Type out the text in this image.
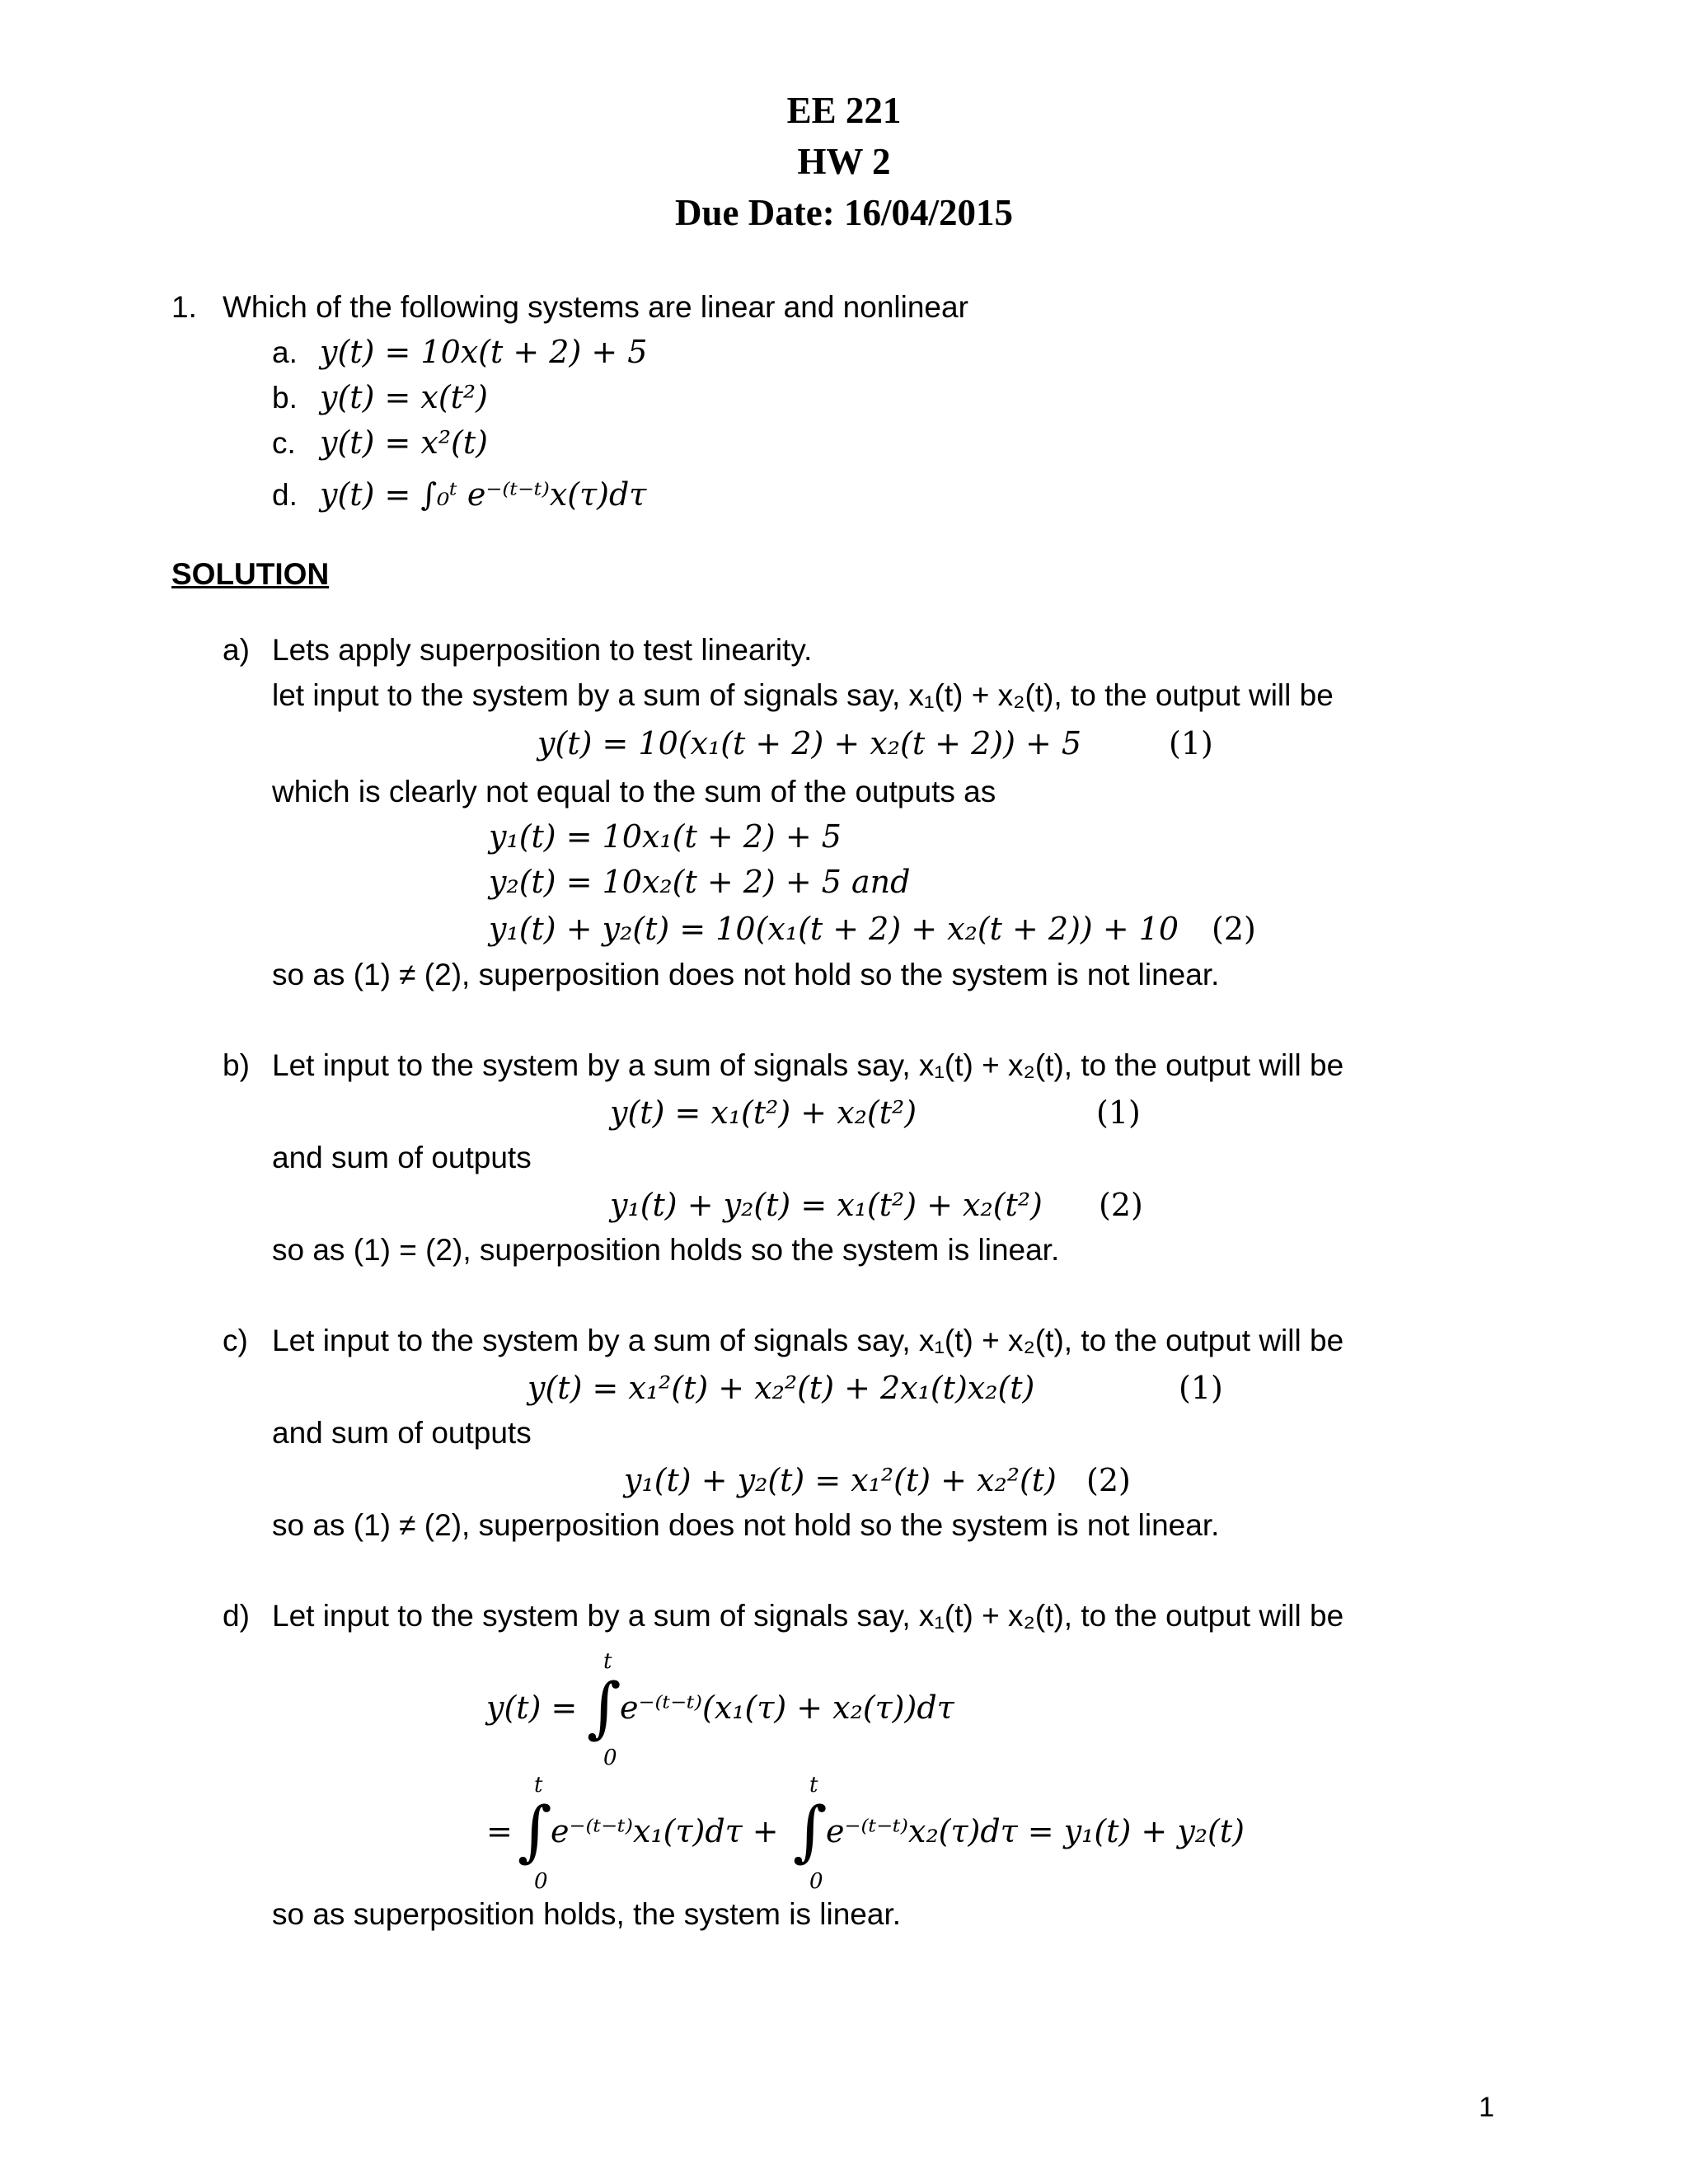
EE 221
HW 2
Due Date: 16/04/2015
1. Which of the following systems are linear and nonlinear
a. y(t) = 10x(t + 2) + 5
b. y(t) = x(t²)
c. y(t) = x²(t)
d. y(t) = ∫₀ᵗ e⁻⁽ᵗ⁻ᵗ⁾x(τ)dτ
SOLUTION
a) Lets apply superposition to test linearity.
let input to the system by a sum of signals say, x₁(t) + x₂(t), to the output will be
y(t) = 10(x₁(t + 2) + x₂(t + 2)) + 5	(1)
which is clearly not equal to the sum of the outputs as
y₁(t) = 10x₁(t + 2) + 5
y₂(t) = 10x₂(t + 2) + 5 and
y₁(t) + y₂(t) = 10(x₁(t + 2) + x₂(t + 2)) + 10 (2)
so as (1) ≠ (2), superposition does not hold so the system is not linear.
b) Let input to the system by a sum of signals say, x₁(t) + x₂(t), to the output will be
y(t) = x₁(t²) + x₂(t²)	(1)
and sum of outputs
y₁(t) + y₂(t) = x₁(t²) + x₂(t²) (2)
so as (1) = (2), superposition holds so the system is linear.
c) Let input to the system by a sum of signals say, x₁(t) + x₂(t), to the output will be
y(t) = x₁²(t) + x₂²(t) + 2x₁(t)x₂(t)	(1)
and sum of outputs
y₁(t) + y₂(t) = x₁²(t) + x₂²(t) (2)
so as (1) ≠ (2), superposition does not hold so the system is not linear.
d) Let input to the system by a sum of signals say, x₁(t) + x₂(t), to the output will be
y(t) =
t
∫
0
e⁻⁽ᵗ⁻ᵗ⁾(x₁(τ) + x₂(τ))dτ
=
t
∫
0
e⁻⁽ᵗ⁻ᵗ⁾x₁(τ)dτ +
t
∫
0
e⁻⁽ᵗ⁻ᵗ⁾x₂(τ)dτ = y₁(t) + y₂(t)
so as superposition holds, the system is linear.
1
